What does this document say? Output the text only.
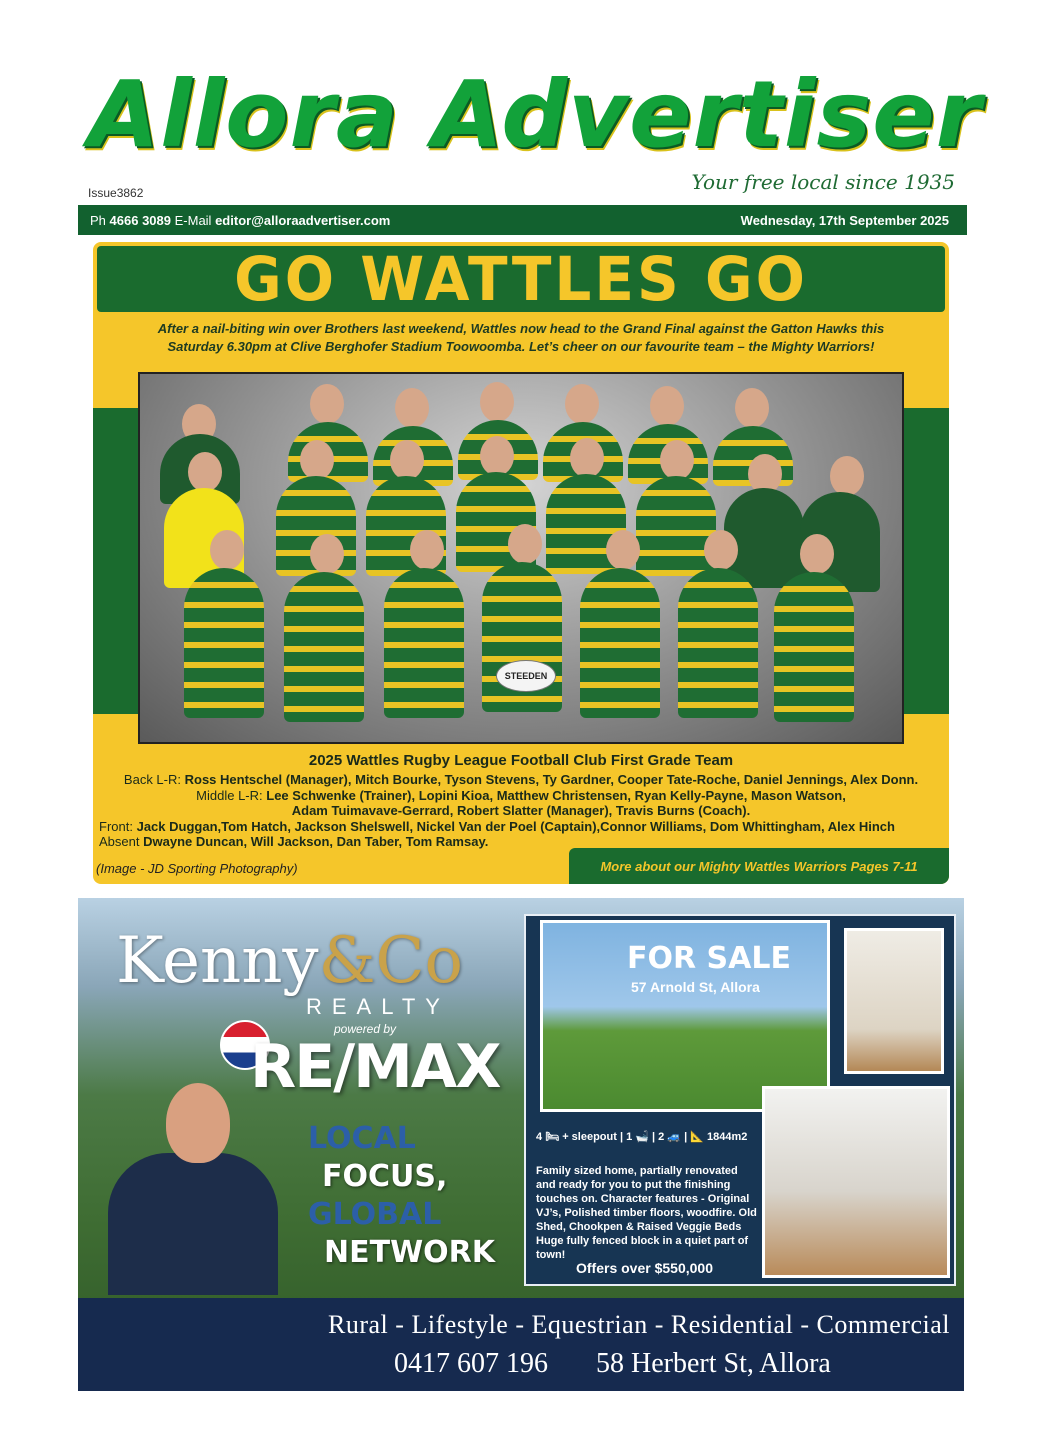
Allora Advertiser
Issue3862	Your free local since 1935
Ph 4666 3089 E-Mail editor@alloraadvertiser.com	Wednesday, 17th September 2025
GO WATTLES GO
After a nail-biting win over Brothers last weekend, Wattles now head to the Grand Final against the Gatton Hawks this
Saturday 6.30pm at Clive Berghofer Stadium Toowoomba. Let’s cheer on our favourite team – the Mighty Warriors!
STEEDEN
2025 Wattles Rugby League Football Club First Grade Team
Back L-R: Ross Hentschel (Manager), Mitch Bourke, Tyson Stevens, Ty Gardner, Cooper Tate-Roche, Daniel Jennings, Alex Donn.
Middle L-R: Lee Schwenke (Trainer), Lopini Kioa, Matthew Christensen, Ryan Kelly-Payne, Mason Watson,
Adam Tuimavave-Gerrard, Robert Slatter (Manager), Travis Burns (Coach).
Front: Jack Duggan,Tom Hatch, Jackson Shelswell, Nickel Van der Poel (Captain),Connor Williams, Dom Whittingham, Alex Hinch
Absent Dwayne Duncan, Will Jackson, Dan Taber, Tom Ramsay.
(Image - JD Sporting Photography)	More about our Mighty Wattles Warriors Pages 7-11
Kenny&Co
REALTY
powered by
RE/MAX
LOCAL
FOCUS,
GLOBAL
NETWORK
FOR SALE
57 Arnold St, Allora
4 🛏 + sleepout | 1 🛁 | 2 🚙 | 📐 1844m2
Family sized home, partially renovated and ready for you to put the finishing touches on. Character features - Original VJ’s, Polished timber floors, woodfire. Old Shed, Chookpen & Raised Veggie Beds Huge fully fenced block in a quiet part of town!
Offers over $550,000
Rural - Lifestyle - Equestrian - Residential - Commercial
0417 607 196 58 Herbert St, Allora
